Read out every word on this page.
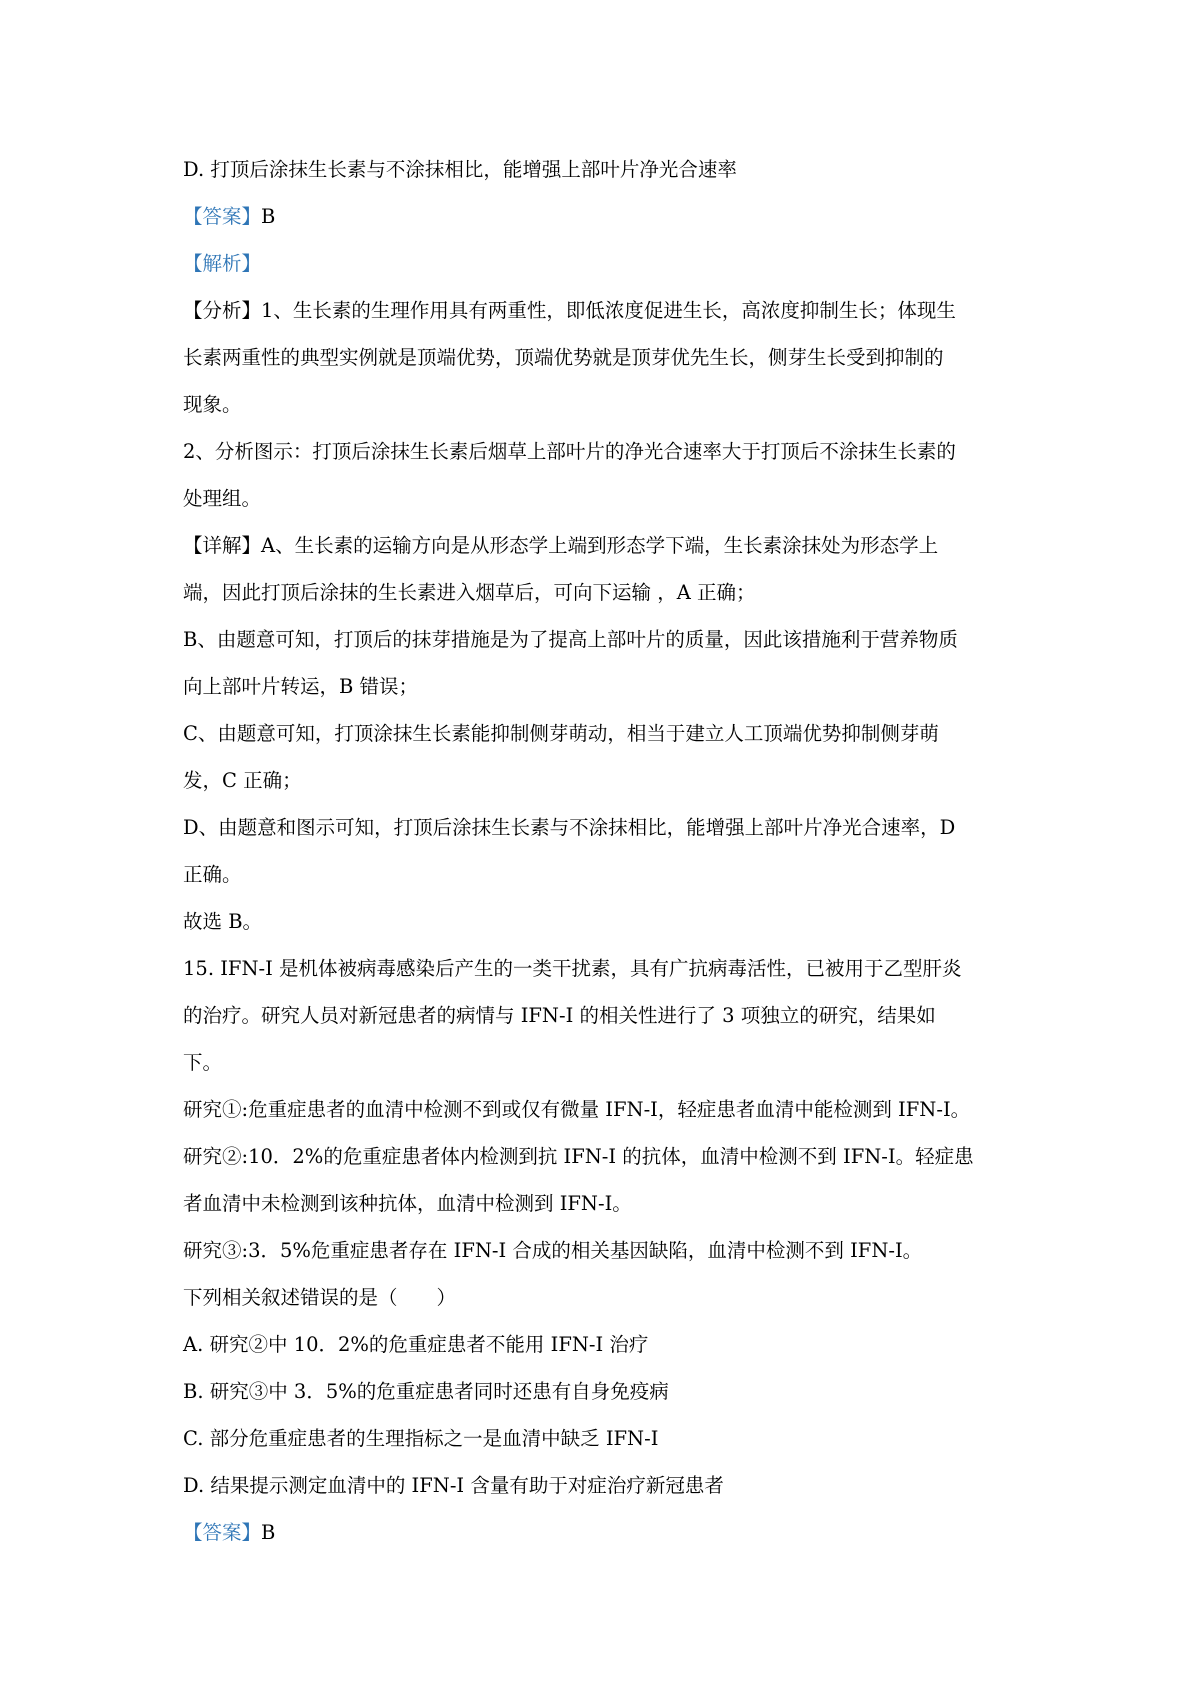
D. 打顶后涂抹生长素与不涂抹相比，能增强上部叶片净光合速率
【答案】B
【解析】
【分析】1、生长素的生理作用具有两重性，即低浓度促进生长，高浓度抑制生长；体现生
长素两重性的典型实例就是顶端优势，顶端优势就是顶芽优先生长，侧芽生长受到抑制的
现象。
2、分析图示：打顶后涂抹生长素后烟草上部叶片的净光合速率大于打顶后不涂抹生长素的
处理组。
【详解】A、生长素的运输方向是从形态学上端到形态学下端，生长素涂抹处为形态学上
端，因此打顶后涂抹的生长素进入烟草后，可向下运输 ，A 正确；
B、由题意可知，打顶后的抹芽措施是为了提高上部叶片的质量，因此该措施利于营养物质
向上部叶片转运，B 错误；
C、由题意可知，打顶涂抹生长素能抑制侧芽萌动，相当于建立人工顶端优势抑制侧芽萌
发，C 正确；
D、由题意和图示可知，打顶后涂抹生长素与不涂抹相比，能增强上部叶片净光合速率，D
正确。
故选 B。
15. IFN-I 是机体被病毒感染后产生的一类干扰素，具有广抗病毒活性，已被用于乙型肝炎
的治疗。研究人员对新冠患者的病情与 IFN-I 的相关性进行了 3 项独立的研究，结果如
下。
研究①:危重症患者的血清中检测不到或仅有微量 IFN-I，轻症患者血清中能检测到 IFN-I。
研究②:10．2%的危重症患者体内检测到抗 IFN-I 的抗体，血清中检测不到 IFN-I。轻症患
者血清中未检测到该种抗体，血清中检测到 IFN-I。
研究③:3．5%危重症患者存在 IFN-I 合成的相关基因缺陷，血清中检测不到 IFN-I。
下列相关叙述错误的是（　　）
A. 研究②中 10．2%的危重症患者不能用 IFN-I 治疗
B. 研究③中 3．5%的危重症患者同时还患有自身免疫病
C. 部分危重症患者的生理指标之一是血清中缺乏 IFN-I
D. 结果提示测定血清中的 IFN-I 含量有助于对症治疗新冠患者
【答案】B
